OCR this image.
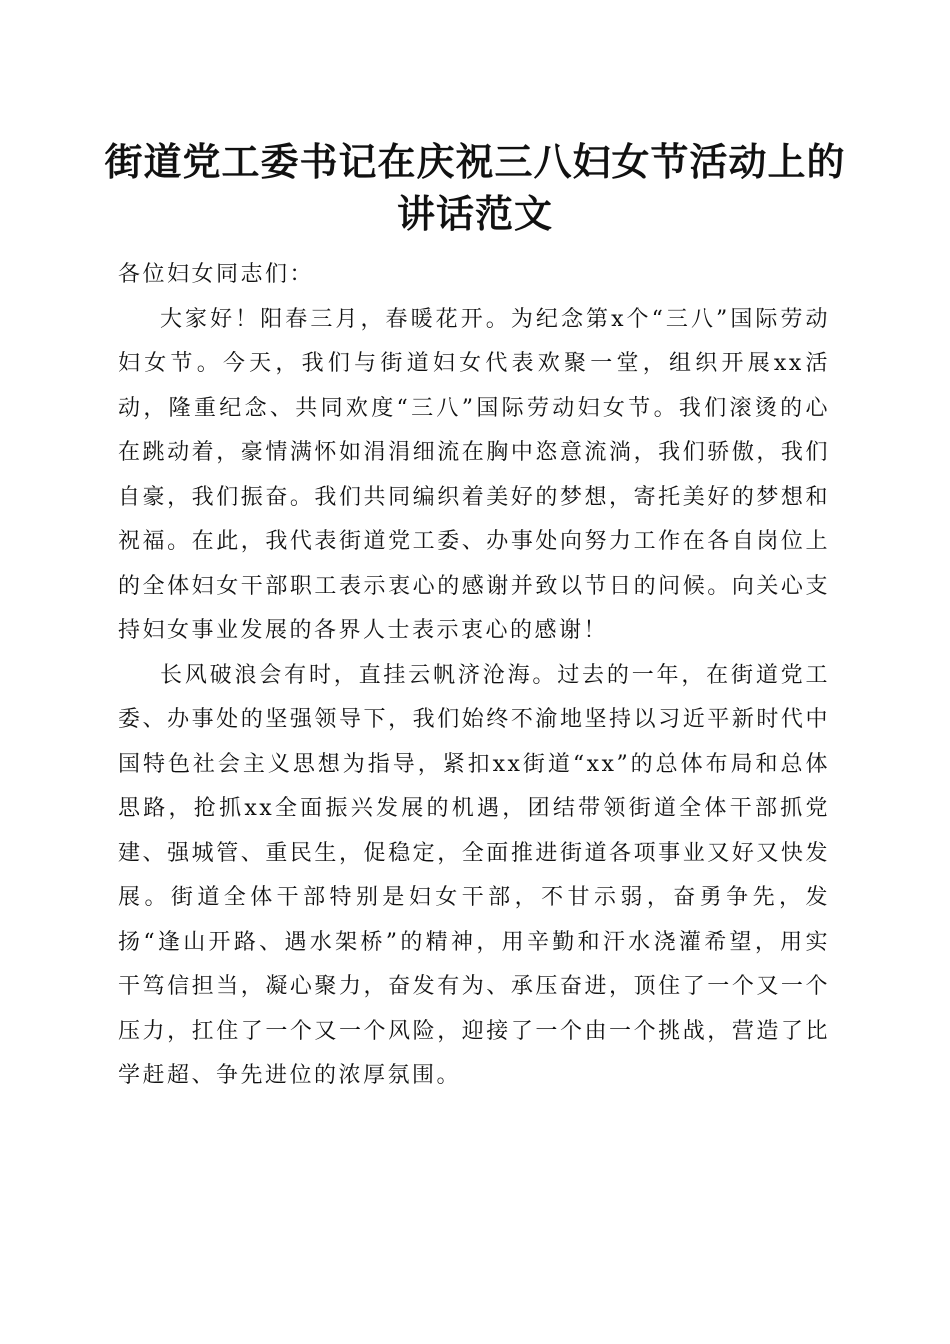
街道党工委书记在庆祝三八妇女节活动上的讲话范文

各位妇女同志们：

大家好！阳春三月，春暖花开。为纪念第x个“三八”国际劳动妇女节。今天，我们与街道妇女代表欢聚一堂，组织开展xx活动，隆重纪念、共同欢度“三八”国际劳动妇女节。我们滚烫的心在跳动着，豪情满怀如涓涓细流在胸中恣意流淌，我们骄傲，我们自豪，我们振奋。我们共同编织着美好的梦想，寄托美好的梦想和祝福。在此，我代表街道党工委、办事处向努力工作在各自岗位上的全体妇女干部职工表示衷心的感谢并致以节日的问候。向关心支持妇女事业发展的各界人士表示衷心的感谢！

长风破浪会有时，直挂云帆济沧海。过去的一年，在街道党工委、办事处的坚强领导下，我们始终不渝地坚持以习近平新时代中国特色社会主义思想为指导，紧扣xx街道“xx”的总体布局和总体思路，抢抓xx全面振兴发展的机遇，团结带领街道全体干部抓党建、强城管、重民生，促稳定，全面推进街道各项事业又好又快发展。街道全体干部特别是妇女干部，不甘示弱，奋勇争先，发扬“逢山开路、遇水架桥”的精神，用辛勤和汗水浇灌希望，用实干笃信担当，凝心聚力，奋发有为、承压奋进，顶住了一个又一个压力，扛住了一个又一个风险，迎接了一个由一个挑战，营造了比学赶超、争先进位的浓厚氛围。
